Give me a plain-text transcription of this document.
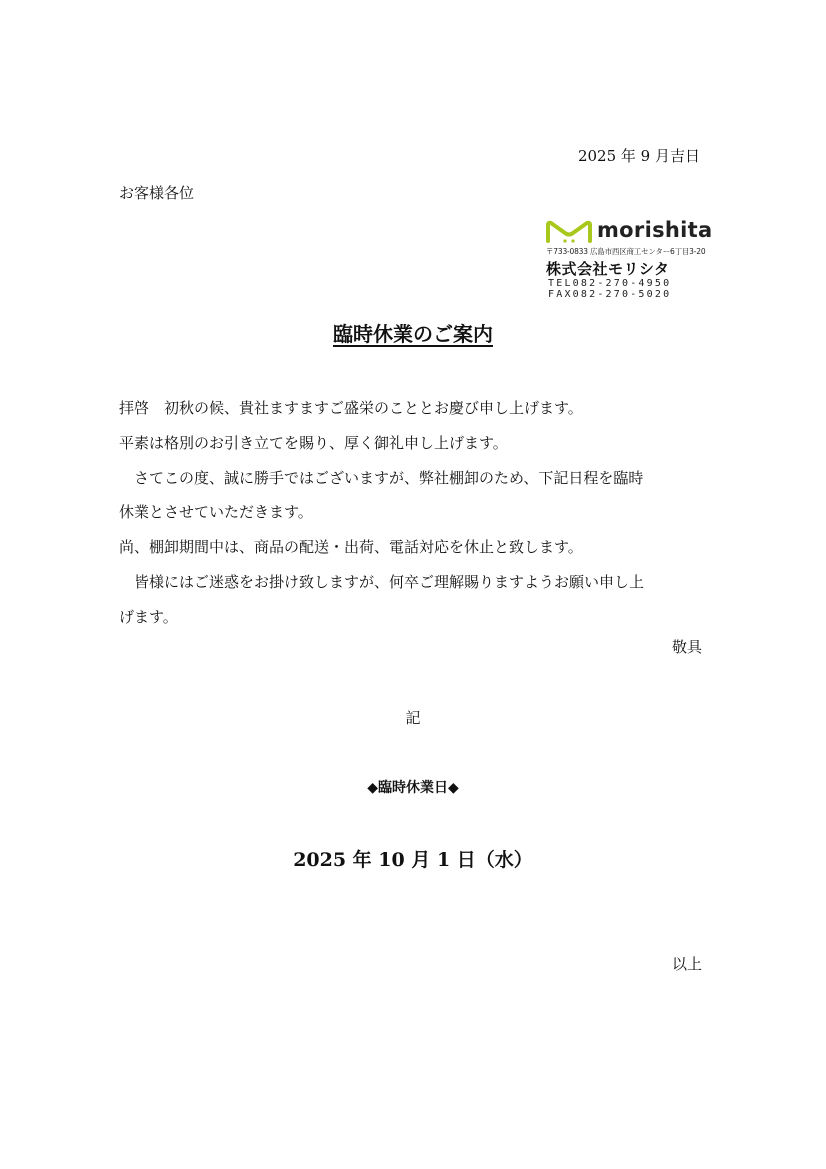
2025 年 9 月吉日
お客様各位
morishita
〒733-0833 広島市西区商工センター6丁目3-20
株式会社モリシタ
TEL082-270-4950
FAX082-270-5020
臨時休業のご案内

拝啓　初秋の候、貴社ますますご盛栄のこととお慶び申し上げます。

平素は格別のお引き立てを賜り、厚く御礼申し上げます。

　さてこの度、誠に勝手ではございますが、弊社棚卸のため、下記日程を臨時

休業とさせていただきます。

尚、棚卸期間中は、商品の配送・出荷、電話対応を休止と致します。

　皆様にはご迷惑をお掛け致しますが、何卒ご理解賜りますようお願い申し上

げます。

敬具
記
◆臨時休業日◆
2025 年 10 月 1 日（水）
以上
